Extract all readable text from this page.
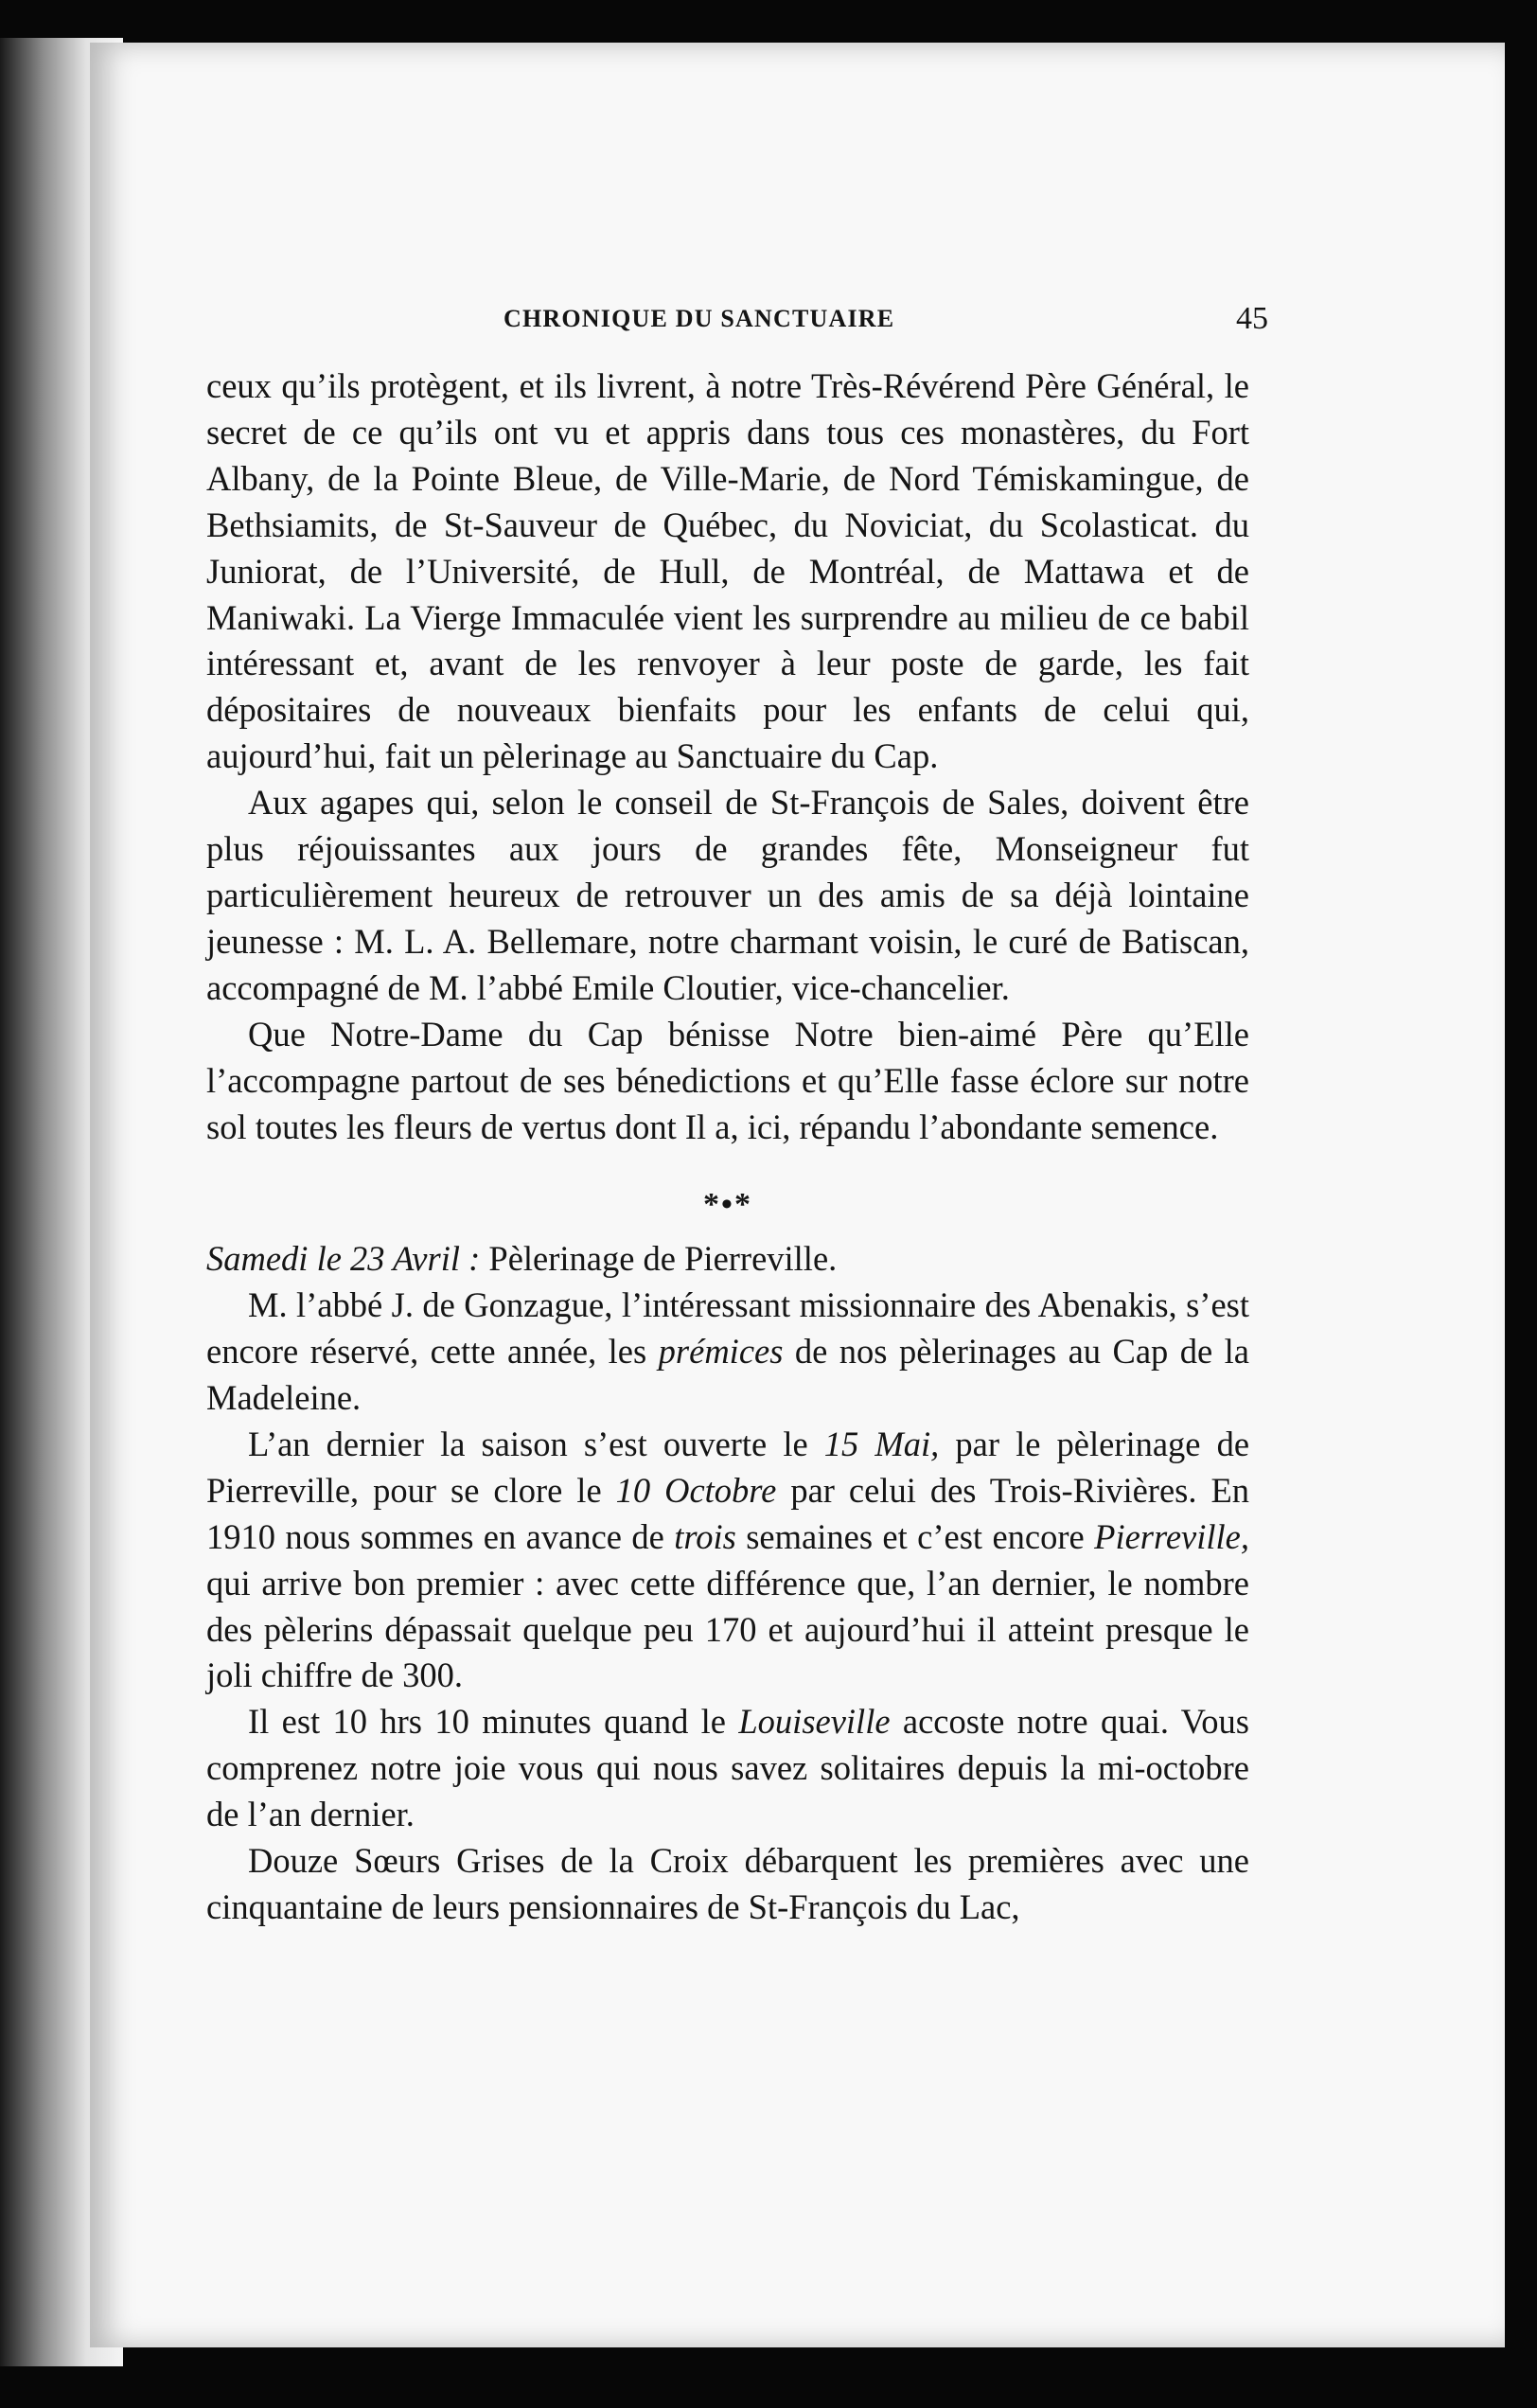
CHRONIQUE DU SANCTUAIRE	45

ceux qu’ils protègent, et ils livrent, à notre Très-Révérend Père Général, le secret de ce qu’ils ont vu et appris dans tous ces monastères, du Fort Albany, de la Pointe Bleue, de Ville-Marie, de Nord Témiskamingue, de Bethsiamits, de St-Sauveur de Québec, du Noviciat, du Scolasticat. du Juniorat, de l’Université, de Hull, de Montréal, de Mattawa et de Maniwaki. La Vierge Immaculée vient les surprendre au milieu de ce babil intéressant et, avant de les renvoyer à leur poste de garde, les fait dépositaires de nouveaux bienfaits pour les enfants de celui qui, aujourd’hui, fait un pèlerinage au Sanctuaire du Cap.

Aux agapes qui, selon le conseil de St-François de Sales, doivent être plus réjouissantes aux jours de grandes fête, Monseigneur fut particulièrement heureux de retrouver un des amis de sa déjà lointaine jeunesse : M. L. A. Bellemare, notre charmant voisin, le curé de Batiscan, accompagné de M. l’abbé Emile Cloutier, vice-chancelier.

Que Notre-Dame du Cap bénisse Notre bien-aimé Père qu’Elle l’accompagne partout de ses bénedictions et qu’Elle fasse éclore sur notre sol toutes les fleurs de vertus dont Il a, ici, répandu l’abondante semence.

*•*

Samedi le 23 Avril : Pèlerinage de Pierreville.

M. l’abbé J. de Gonzague, l’intéressant missionnaire des Abenakis, s’est encore réservé, cette année, les prémices de nos pèlerinages au Cap de la Madeleine.

L’an dernier la saison s’est ouverte le 15 Mai, par le pèlerinage de Pierreville, pour se clore le 10 Octobre par celui des Trois-Rivières. En 1910 nous sommes en avance de trois semaines et c’est encore Pierreville, qui arrive bon premier : avec cette différence que, l’an dernier, le nombre des pèlerins dépassait quelque peu 170 et aujourd’hui il atteint presque le joli chiffre de 300.

Il est 10 hrs 10 minutes quand le Louiseville accoste notre quai. Vous comprenez notre joie vous qui nous savez solitaires depuis la mi-octobre de l’an dernier.

Douze Sœurs Grises de la Croix débarquent les premières avec une cinquantaine de leurs pensionnaires de St-François du Lac,
